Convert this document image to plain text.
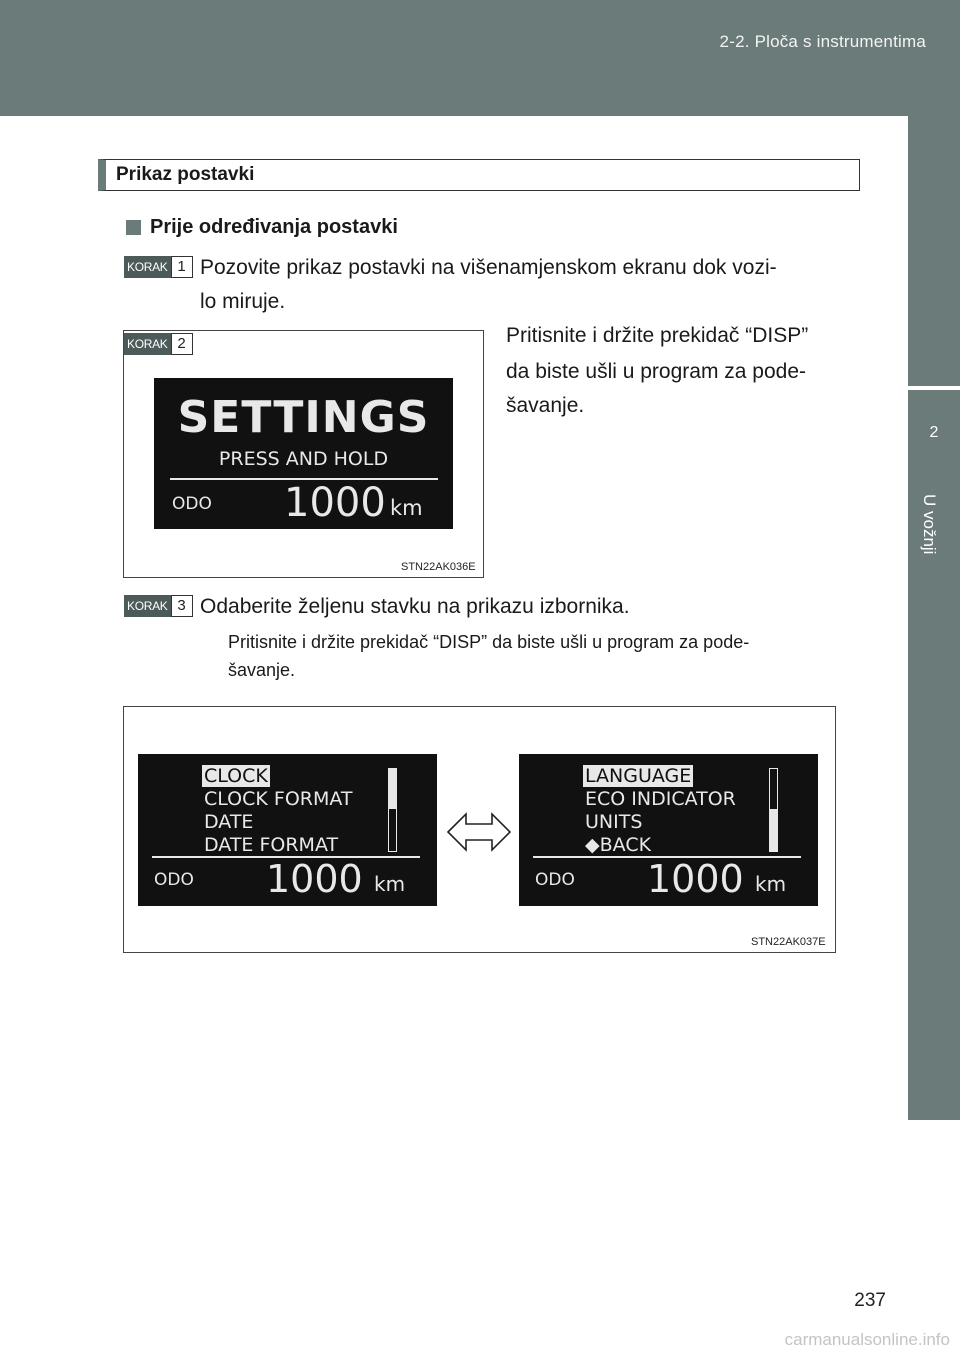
2-2. Ploča s instrumentima
2
U vožnji
Prikaz postavki
Prije određivanja postavki
KORAK 1 Pozovite prikaz postavki na višenamjenskom ekranu dok vozi-
lo miruje.
KORAK 2
SETTINGS
PRESS AND HOLD
ODO 1000 km
STN22AK036E
Pritisnite i držite prekidač “DISP”
da biste ušli u program za pode-
šavanje.
KORAK 3 Odaberite željenu stavku na prikazu izbornika.
Pritisnite i držite prekidač “DISP” da biste ušli u program za pode-
šavanje.
CLOCK
CLOCK FORMAT
DATE
DATE FORMAT
ODO 1000 km
LANGUAGE
ECO INDICATOR
UNITS
◆BACK
ODO 1000 km
STN22AK037E
237
carmanualsonline.info
